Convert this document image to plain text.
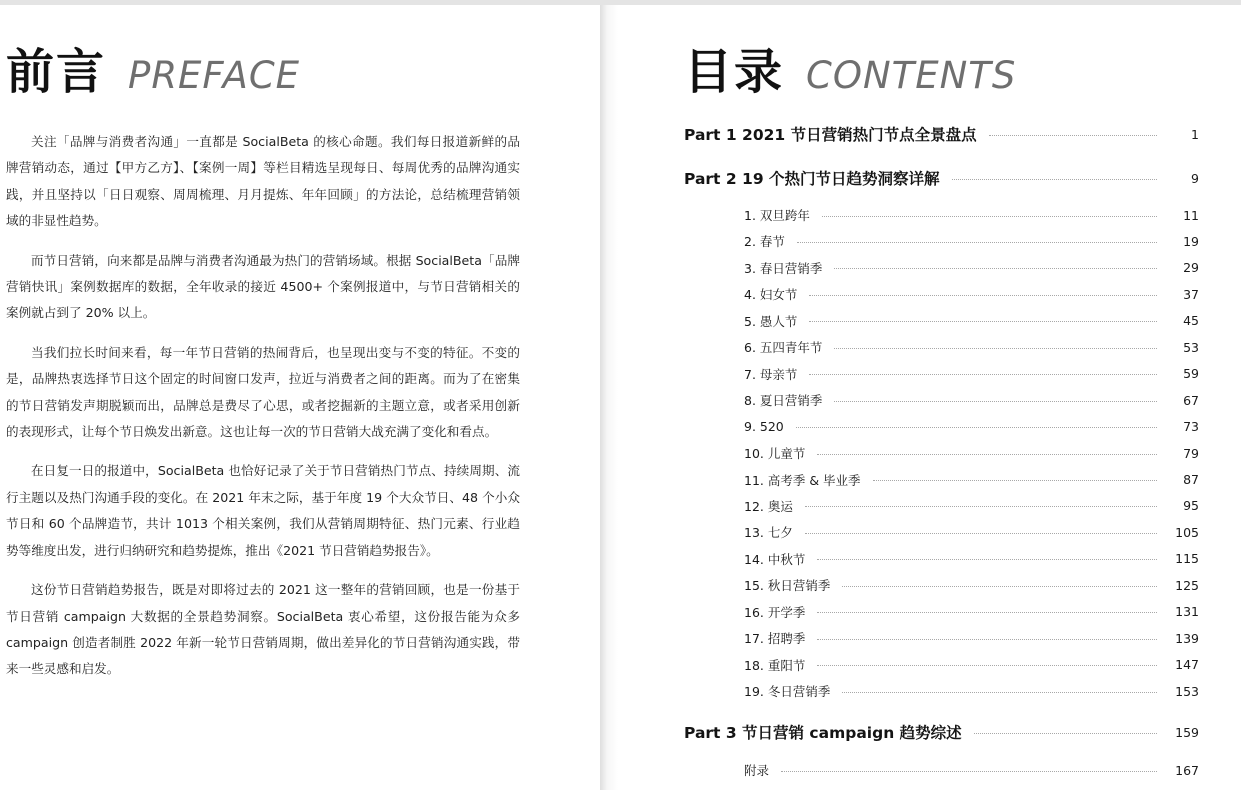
前言 PREFACE

关注「品牌与消费者沟通」一直都是 SocialBeta 的核心命题。我们每日报道新鲜的品牌营销动态，通过【甲方乙方】、【案例一周】等栏目精选呈现每日、每周优秀的品牌沟通实践，并且坚持以「日日观察、周周梳理、月月提炼、年年回顾」的方法论，总结梳理营销领域的非显性趋势。

而节日营销，向来都是品牌与消费者沟通最为热门的营销场域。根据 SocialBeta「品牌营销快讯」案例数据库的数据，全年收录的接近 4500+ 个案例报道中，与节日营销相关的案例就占到了 20% 以上。

当我们拉长时间来看，每一年节日营销的热闹背后，也呈现出变与不变的特征。不变的是，品牌热衷选择节日这个固定的时间窗口发声，拉近与消费者之间的距离。而为了在密集的节日营销发声期脱颖而出，品牌总是费尽了心思，或者挖掘新的主题立意，或者采用创新的表现形式，让每个节日焕发出新意。这也让每一次的节日营销大战充满了变化和看点。

在日复一日的报道中，SocialBeta 也恰好记录了关于节日营销热门节点、持续周期、流行主题以及热门沟通手段的变化。在 2021 年末之际，基于年度 19 个大众节日、48 个小众节日和 60 个品牌造节，共计 1013 个相关案例，我们从营销周期特征、热门元素、行业趋势等维度出发，进行归纳研究和趋势提炼，推出《2021 节日营销趋势报告》。

这份节日营销趋势报告，既是对即将过去的 2021 这一整年的营销回顾，也是一份基于节日营销 campaign 大数据的全景趋势洞察。SocialBeta 衷心希望，这份报告能为众多 campaign 创造者制胜 2022 年新一轮节日营销周期，做出差异化的节日营销沟通实践，带来一些灵感和启发。

目录 CONTENTS
Part 1 2021 节日营销热门节点全景盘点	1
Part 2 19 个热门节日趋势洞察详解	9
1. 双旦跨年	11
2. 春节	19
3. 春日营销季	29
4. 妇女节	37
5. 愚人节	45
6. 五四青年节	53
7. 母亲节	59
8. 夏日营销季	67
9. 520	73
10. 儿童节	79
11. 高考季 & 毕业季	87
12. 奥运	95
13. 七夕	105
14. 中秋节	115
15. 秋日营销季	125
16. 开学季	131
17. 招聘季	139
18. 重阳节	147
19. 冬日营销季	153
Part 3 节日营销 campaign 趋势综述	159
附录	167
